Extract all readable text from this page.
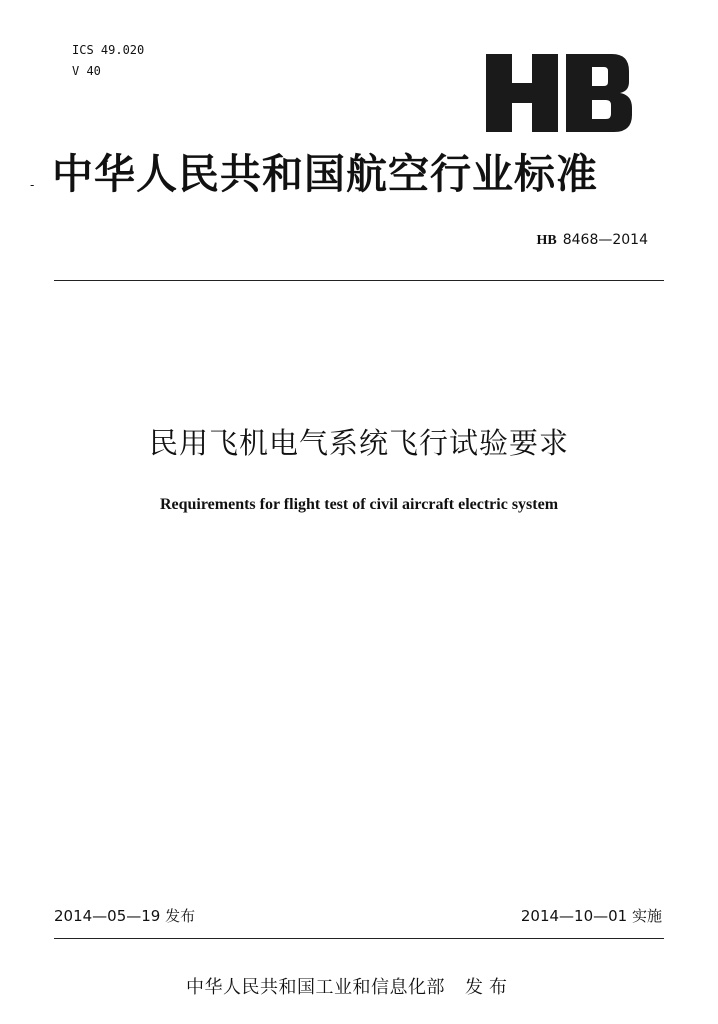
ICS 49.020
V 40
- 中华人民共和国航空行业标准
HB 8468—2014
民用飞机电气系统飞行试验要求
Requirements for flight test of civil aircraft electric system
2014—05—19 发布	2014—10—01 实施
中华人民共和国工业和信息化部 发布
